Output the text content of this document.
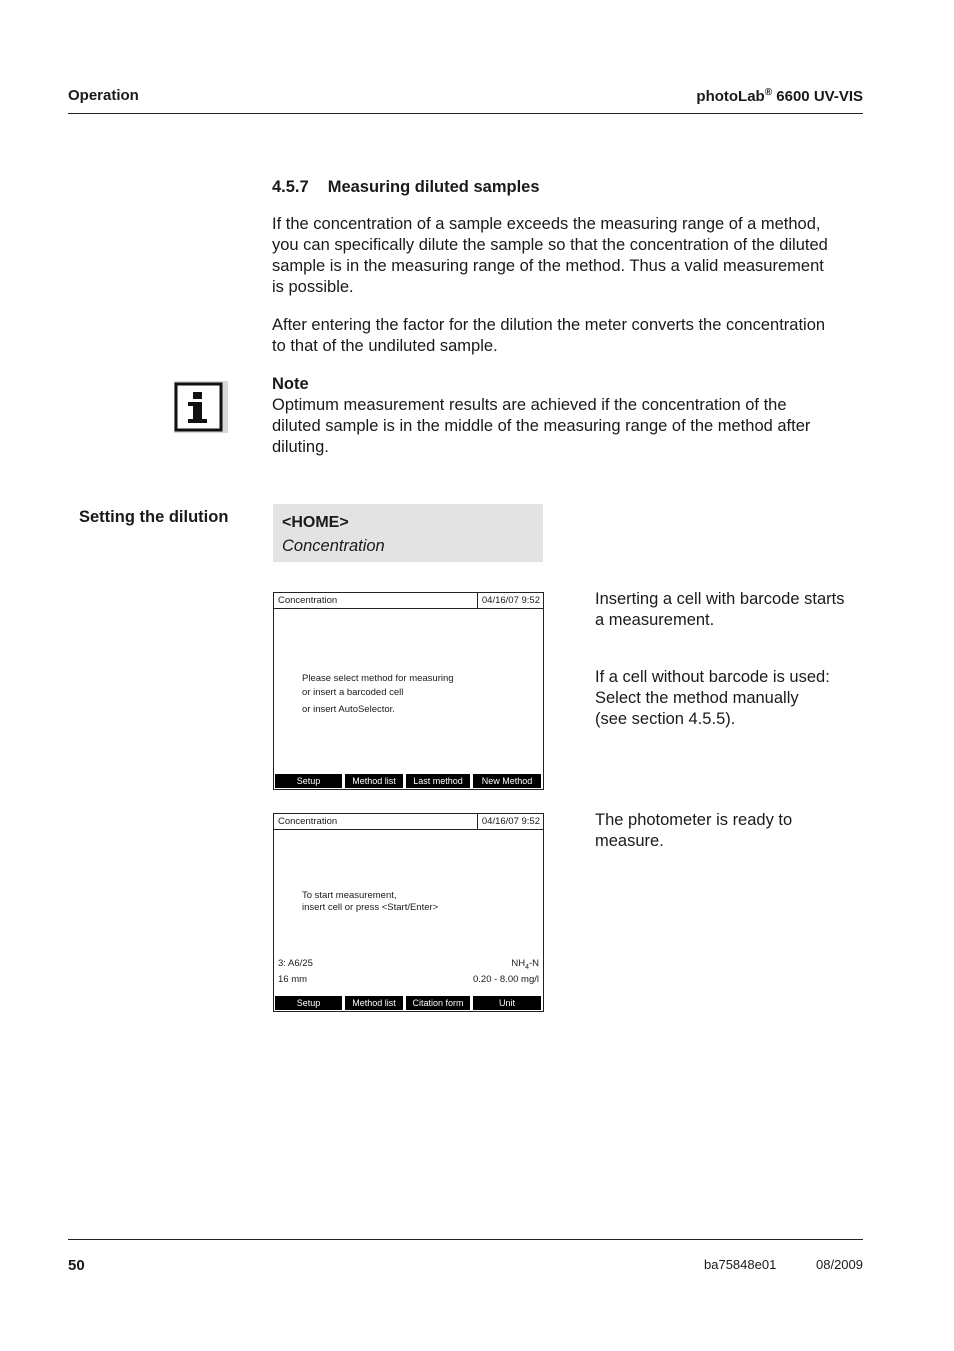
Operation	photoLab® 6600 UV-VIS
4.5.7 Measuring diluted samples
If the concentration of a sample exceeds the measuring range of a method,
you can specifically dilute the sample so that the concentration of the diluted
sample is in the measuring range of the method. Thus a valid measurement
is possible.
After entering the factor for the dilution the meter converts the concentration
to that of the undiluted sample.
Note
Optimum measurement results are achieved if the concentration of the
diluted sample is in the middle of the measuring range of the method after
diluting.
Setting the dilution	<HOME>
Concentration
Concentration	04/16/07 9:52
Please select method for measuring
or insert a barcoded cell
or insert AutoSelector.
Setup	Method list	Last method	New Method
Concentration	04/16/07 9:52
To start measurement,
insert cell or press <Start/Enter>
3: A6/25	$NH_4-N$
16 mm	0.20 - 8.00 mg/l
Setup	Method list	Citation form	Unit
Inserting a cell with barcode starts
a measurement.
If a cell without barcode is used:
Select the method manually
(see section 4.5.5).
The photometer is ready to
measure.
50	ba75848e01	08/2009
